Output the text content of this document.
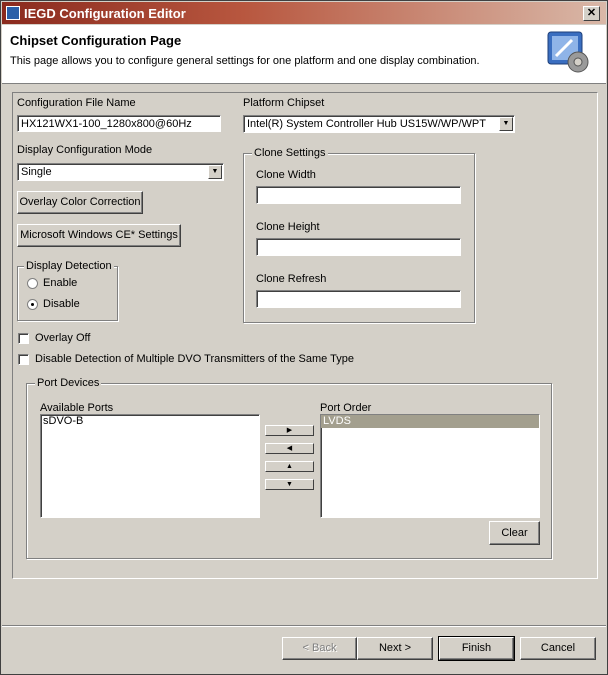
IEGD Configuration Editor	✕
Chipset Configuration Page
This page allows you to configure general settings for one platform and one display combination.
Configuration File Name
HX121WX1-100_1280x800@60Hz
Platform Chipset
Intel(R) System Controller Hub US15W/WP/WPT	▼
Display Configuration Mode
Single	▼
Overlay Color Correction
Microsoft Windows CE* Settings
Display Detection
Enable
Disable
Clone Settings
Clone Width
Clone Height
Clone Refresh
Overlay Off
Disable Detection of Multiple DVO Transmitters of the Same Type
Port Devices
Available Ports
sDVO-B
▶
◀
▲
▼
Port Order
LVDS
Clear
< Back	Next >	Finish	Cancel
